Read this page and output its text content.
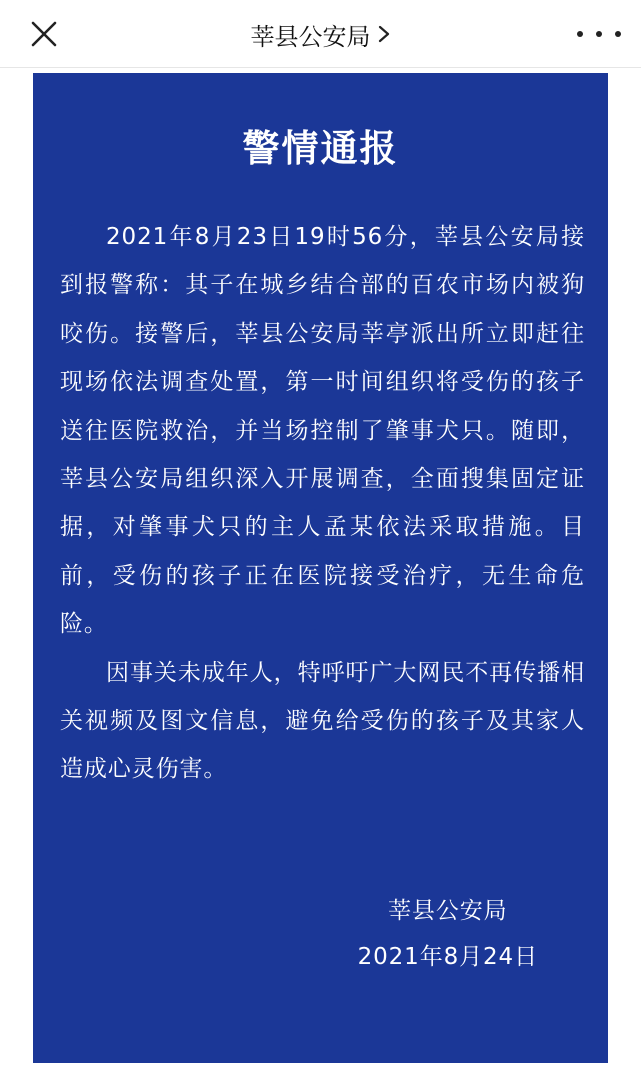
莘县公安局
警情通报

2021年8月23日19时56分，莘县公安局接到报警称：其子在城乡结合部的百农市场内被狗咬伤。接警后，莘县公安局莘亭派出所立即赶往现场依法调查处置，第一时间组织将受伤的孩子送往医院救治，并当场控制了肇事犬只。随即，莘县公安局组织深入开展调查，全面搜集固定证据，对肇事犬只的主人孟某依法采取措施。目前，受伤的孩子正在医院接受治疗，无生命危险。

因事关未成年人，特呼吁广大网民不再传播相关视频及图文信息，避免给受伤的孩子及其家人造成心灵伤害。

莘县公安局
2021年8月24日
